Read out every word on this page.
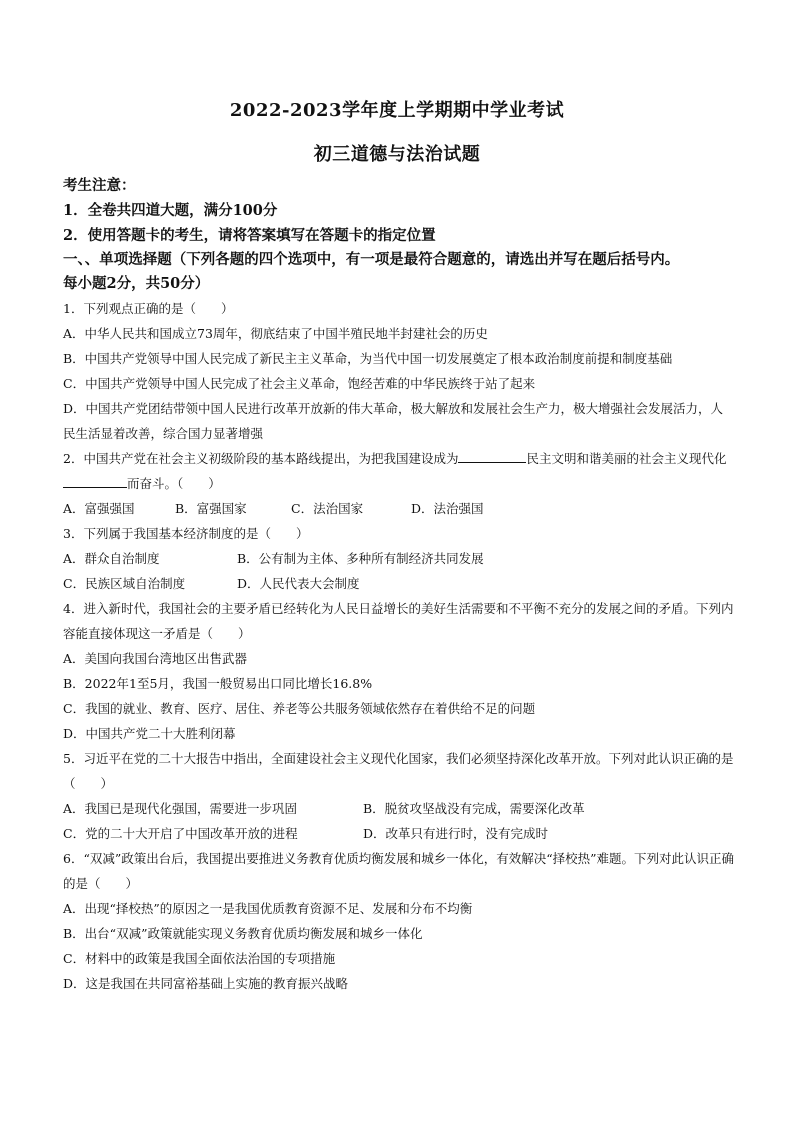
2022-2023学年度上学期期中学业考试
初三道德与法治试题

考生注意：

1．全卷共四道大题，满分100分

2．使用答题卡的考生，请将答案填写在答题卡的指定位置

一、、单项选择题（下列各题的四个选项中，有一项是最符合题意的，请选出并写在题后括号内。

每小题2分，共50分）

1．下列观点正确的是（　　）

A．中华人民共和国成立73周年，彻底结束了中国半殖民地半封建社会的历史

B．中国共产党领导中国人民完成了新民主主义革命，为当代中国一切发展奠定了根本政治制度前提和制度基础

C．中国共产党领导中国人民完成了社会主义革命，饱经苦难的中华民族终于站了起来

D．中国共产党团结带领中国人民进行改革开放新的伟大革命，极大解放和发展社会生产力，极大增强社会发展活力，人民生活显着改善，综合国力显著增强

2．中国共产党在社会主义初级阶段的基本路线提出，为把我国建设成为	民主文明和谐美丽的社会主义现代化而奋斗。（　　）

A．富强强国	B．富强国家	C．法治国家	D．法治强国

3．下列属于我国基本经济制度的是（　　）

A．群众自治制度	B．公有制为主体、多种所有制经济共同发展

C．民族区域自治制度	D．人民代表大会制度

4．进入新时代，我国社会的主要矛盾已经转化为人民日益增长的美好生活需要和不平衡不充分的发展之间的矛盾。下列内容能直接体现这一矛盾是（　　）

A．美国向我国台湾地区出售武器

B．2022年1至5月，我国一般贸易出口同比增长16.8%

C．我国的就业、教育、医疗、居住、养老等公共服务领域依然存在着供给不足的问题

D．中国共产党二十大胜利闭幕

5．习近平在党的二十大报告中指出，全面建设社会主义现代化国家，我们必须坚持深化改革开放。下列对此认识正确的是（　　）

A．我国已是现代化强国，需要进一步巩固	B．脱贫攻坚战没有完成，需要深化改革

C．党的二十大开启了中国改革开放的进程	D．改革只有进行时，没有完成时

6．“双减”政策出台后，我国提出要推进义务教育优质均衡发展和城乡一体化，有效解决“择校热”难题。下列对此认识正确的是（　　）

A．出现“择校热”的原因之一是我国优质教育资源不足、发展和分布不均衡

B．出台“双减”政策就能实现义务教育优质均衡发展和城乡一体化

C．材料中的政策是我国全面依法治国的专项措施

D．这是我国在共同富裕基础上实施的教育振兴战略
